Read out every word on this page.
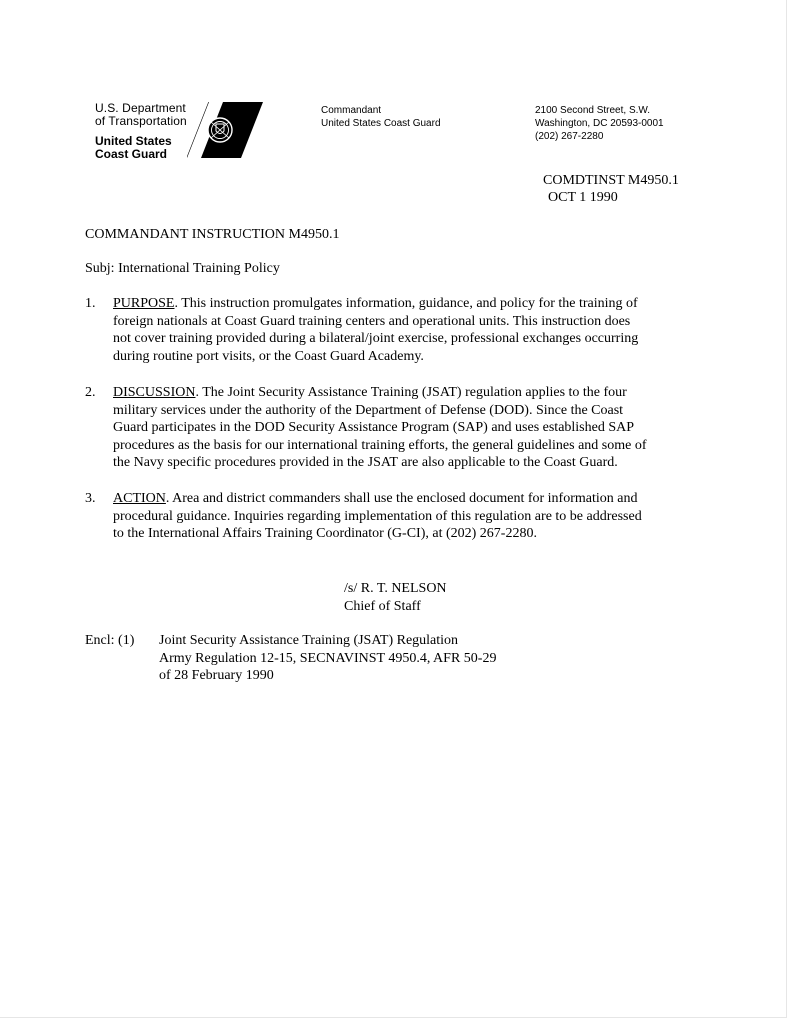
U.S. Department
of Transportation
United States
Coast Guard
Commandant
United States Coast Guard
2100 Second Street, S.W.
Washington, DC 20593-0001
(202) 267-2280
COMDTINST M4950.1
OCT 1 1990
COMMANDANT INSTRUCTION M4950.1
Subj: International Training Policy
1. PURPOSE. This instruction promulgates information, guidance, and policy for the training of
foreign nationals at Coast Guard training centers and operational units. This instruction does
not cover training provided during a bilateral/joint exercise, professional exchanges occurring
during routine port visits, or the Coast Guard Academy.
2. DISCUSSION. The Joint Security Assistance Training (JSAT) regulation applies to the four
military services under the authority of the Department of Defense (DOD). Since the Coast
Guard participates in the DOD Security Assistance Program (SAP) and uses established SAP
procedures as the basis for our international training efforts, the general guidelines and some of
the Navy specific procedures provided in the JSAT are also applicable to the Coast Guard.
3. ACTION. Area and district commanders shall use the enclosed document for information and
procedural guidance. Inquiries regarding implementation of this regulation are to be addressed
to the International Affairs Training Coordinator (G-CI), at (202) 267-2280.
/s/ R. T. NELSON
Chief of Staff
Encl: (1) Joint Security Assistance Training (JSAT) Regulation
Army Regulation 12-15, SECNAVINST 4950.4, AFR 50-29
of 28 February 1990
